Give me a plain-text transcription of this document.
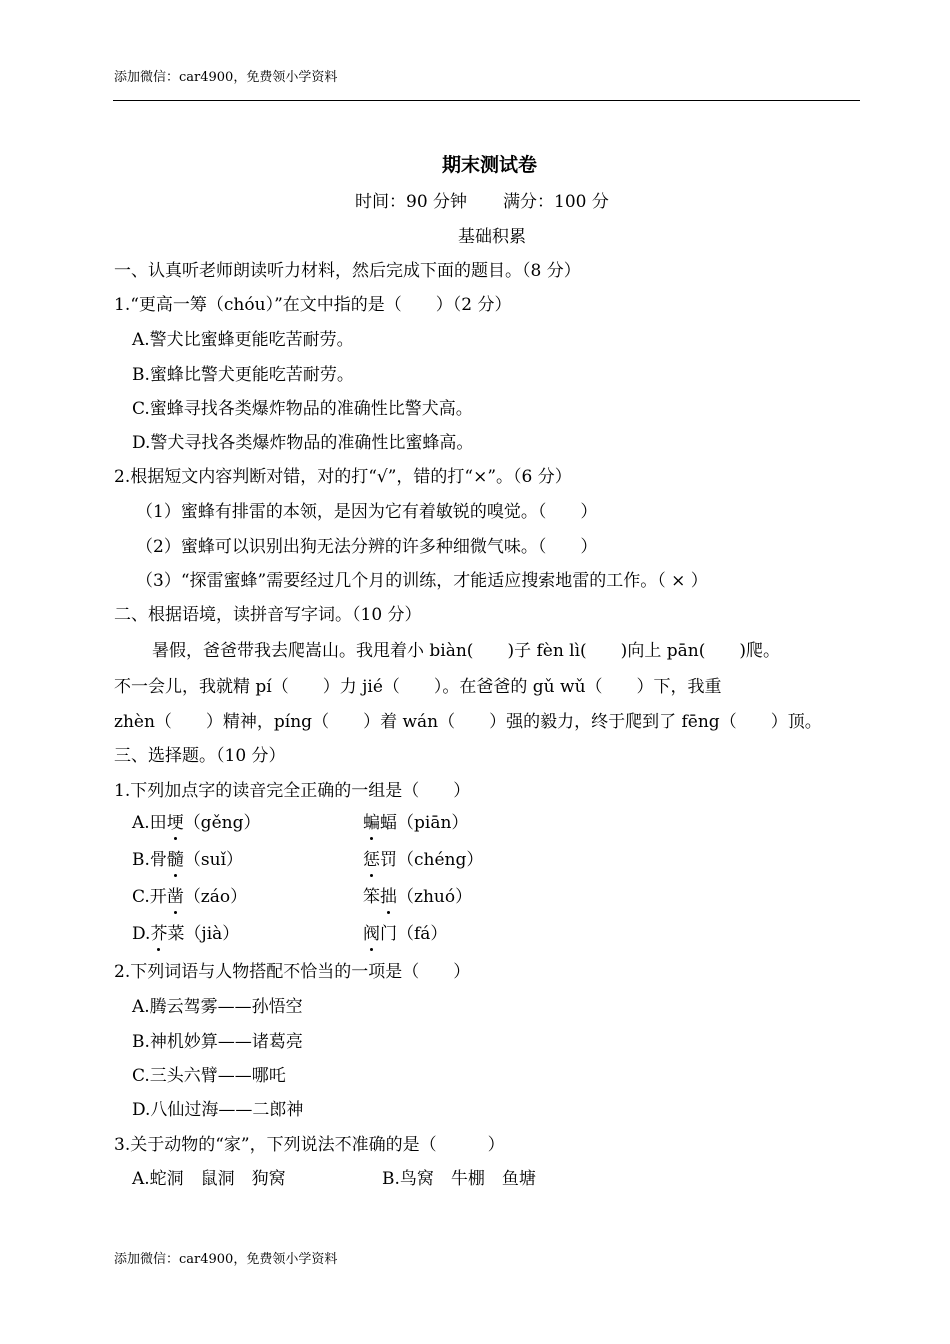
添加微信：car4900，免费领小学资料
期末测试卷
时间：90 分钟 满分：100 分
基础积累
一、认真听老师朗读听力材料，然后完成下面的题目。（8 分）
1.“更高一筹（chóu）”在文中指的是（　　）（2 分）
A.警犬比蜜蜂更能吃苦耐劳。
B.蜜蜂比警犬更能吃苦耐劳。
C.蜜蜂寻找各类爆炸物品的准确性比警犬高。
D.警犬寻找各类爆炸物品的准确性比蜜蜂高。
2.根据短文内容判断对错，对的打“√”，错的打“×”。（6 分）
（1）蜜蜂有排雷的本领，是因为它有着敏锐的嗅觉。（　　）
（2）蜜蜂可以识别出狗无法分辨的许多种细微气味。（　　）
（3）“探雷蜜蜂”需要经过几个月的训练，才能适应搜索地雷的工作。（ × ）
二、根据语境，读拼音写字词。（10 分）
暑假，爸爸带我去爬嵩山。我甩着小 biàn(　　)子 fèn lì(　　)向上 pān(　　)爬。
不一会儿，我就精 pí（　　）力 jié（　　）。在爸爸的 gǔ wǔ（　　）下，我重
zhèn（　　）精神，píng（　　）着 wán（　　）强的毅力，终于爬到了 fēng（　　）顶。
三、选择题。（10 分）
1.下列加点字的读音完全正确的一组是（　　）
A.田埂（gěng）	蝙蝠（piān）
B.骨髓（suǐ）	惩罚（chéng）
C.开凿（záo）	笨拙（zhuó）
D.芥菜（jià）	阀门（fá）
2.下列词语与人物搭配不恰当的一项是（　　）
A.腾云驾雾——孙悟空
B.神机妙算——诸葛亮
C.三头六臂——哪吒
D.八仙过海——二郎神
3.关于动物的“家”，下列说法不准确的是（　　　）
A.蛇洞　鼠洞　狗窝	B.鸟窝　牛棚　鱼塘
添加微信：car4900，免费领小学资料
